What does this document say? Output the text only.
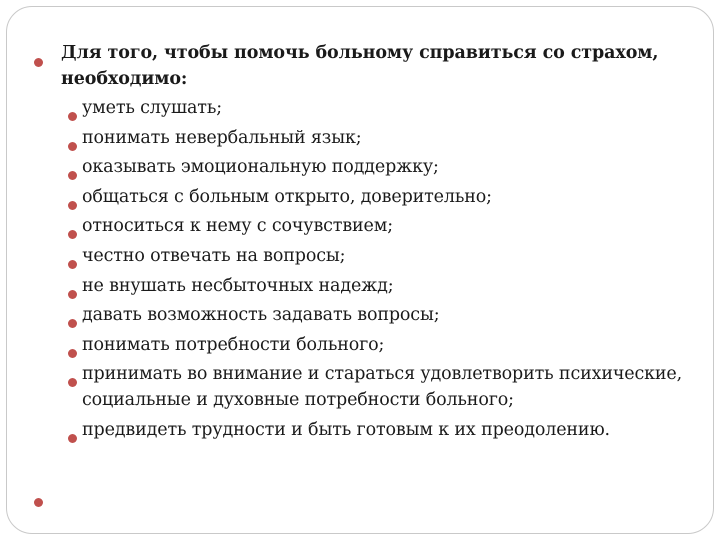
Для того, чтобы помочь больному справиться со страхом, необходимо:
уметь слушать;
понимать невербальный язык;
оказывать эмоциональную поддержку;
общаться с больным открыто, доверительно;
относиться к нему с сочувствием;
честно отвечать на вопросы;
не внушать несбыточных надежд;
давать возможность задавать вопросы;
понимать потребности больного;
принимать во внимание и стараться удовлетворить психические, социальные и духовные потребности больного;
предвидеть трудности и быть готовым к их преодолению.
